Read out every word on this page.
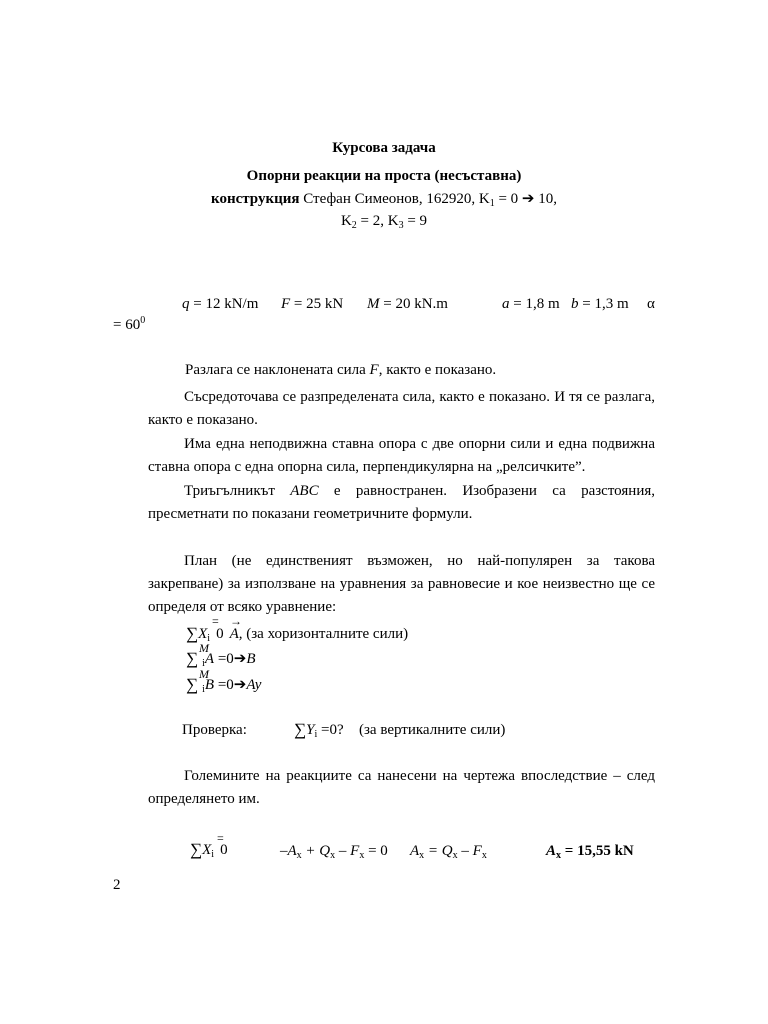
Курсова задача
Опорни реакции на проста (несъставна)
конструкция Стефан Симеонов, 162920, $K_1 = 0$ ➔ 10,
$K_2 = 2$, $K_3 = 9$
q = 12 kN/m F = 25 kN M = 20 kN.m	a = 1,8 m b = 1,3 m α
= $60^0$
Разлага се наклонената сила F, както е показано.
Съсредоточава се разпределената сила, както е показано. И тя се разлага, както е показано.
Има една неподвижна ставна опора с две опорни сили и една подвижна ставна опора с една опорна сила, перпендикулярна на „релсичките”.
Триъгълникът ABC е равностранен. Изобразени са разстояния, пресметнати по показани геометричните формули.
План (не единственият възможен, но най-популярен за такова закрепване) за използване на уравнения за равновесие и кое неизвестно ще се определя от всяко уравнение:
$\sum X_i$ 0 A, (за хоризонталните сили)
= →
∑ $_i$A =0➔B
M
∑ $_i$B =0➔Ay
M
Проверка:	$\sum Y_i =0$? (за вертикалните сили)
Големините на реакциите са нанесени на чертежа впоследствие – след определянето им.
$\sum X_i$ 0
=
$-A_x + Q_x - F_x = 0$ $A_x = Q_x - F_x$	$A_x = 15,55$ kN
2
